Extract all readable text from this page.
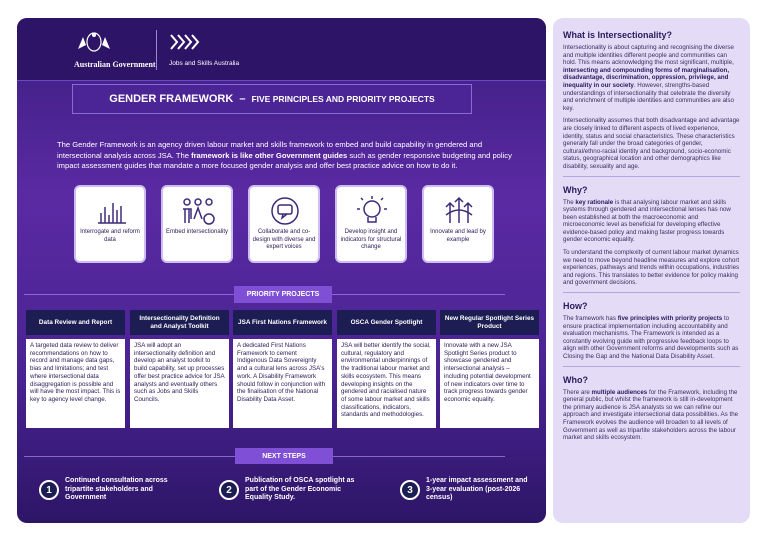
Australian Government Jobs and Skills Australia
GENDER FRAMEWORK – FIVE PRINCIPLES AND PRIORITY PROJECTS
The Gender Framework is an agency driven labour market and skills framework to embed and build capability in gendered and intersectional analysis across JSA. The framework is like other Government guides such as gender responsive budgeting and policy impact assessment guides that mandate a more focused gender analysis and offer best practice advice on how to do it.
Interrogate and reform data
Embed intersectionality	Collaborate and co-design with diverse and expert voices
Develop insight and indicators for structural change
Innovate and lead by example
PRIORITY PROJECTS
Data Review and Report
A targeted data review to deliver recommendations on how to record and manage data gaps, bias and limitations; and test where intersectional data disaggregation is possible and will have the most impact. This is key to agency level change.
Intersectionality Definition and Analyst Toolkit
JSA will adopt an intersectionality definition and develop an analyst toolkit to build capability, set up processes offer best practice advice for JSA analysts and eventually others such as Jobs and Skills Councils.
JSA First Nations Framework
A dedicated First Nations Framework to cement Indigenous Data Sovereignty and a cultural lens across JSA's work. A Disability Framework should follow in conjunction with the finalisation of the National Disability Data Asset.
OSCA Gender Spotlight
JSA will better identify the social, cultural, regulatory and environmental underpinnings of the traditional labour market and skills ecosystem. This means developing insights on the gendered and racialised nature of some labour market and skills classifications, indicators, standards and methodologies.
New Regular Spotlight Series Product
Innovate with a new JSA Spotlight Series product to showcase gendered and intersectional analysis – including potential development of new indicators over time to track progress towards gender economic equality.
NEXT STEPS
1
Continued consultation across tripartite stakeholders and Government
2
Publication of OSCA spotlight as part of the Gender Economic Equality Study.
3
1-year impact assessment and 3-year evaluation (post-2026 census)
What is Intersectionality?

Intersectionality is about capturing and recognising the diverse and multiple identities different people and communities can hold. This means acknowledging the most significant, multiple, intersecting and compounding forms of marginalisation, disadvantage, discrimination, oppression, privilege, and inequality in our society. However, strengths-based understandings of intersectionality that celebrate the diversity and enrichment of multiple identities and communities are also key.

Intersectionality assumes that both disadvantage and advantage are closely linked to different aspects of lived experience, identity, status and social characteristics. These characteristics generally fall under the broad categories of gender, cultural/ethno-racial identity and background, socio-economic status, geographical location and other demographics like disability, sexuality and age.

Why?

The key rationale is that analysing labour market and skills systems through gendered and intersectional lenses has now been established at both the macroeconomic and microeconomic level as beneficial for developing effective evidence-based policy and making faster progress towards gender economic equality.

To understand the complexity of current labour market dynamics we need to move beyond headline measures and explore cohort experiences, pathways and trends within occupations, industries and regions. This translates to better evidence for policy making and government decisions.

How?

The framework has five principles with priority projects to ensure practical implementation including accountability and evaluation mechanisms. The Framework is intended as a constantly evolving guide with progressive feedback loops to align with other Government reforms and developments such as Closing the Gap and the National Data Disability Asset.

Who?

There are multiple audiences for the Framework, including the general public, but whilst the framework is still in-development the primary audience is JSA analysts so we can refine our approach and investigate intersectional data possibilities. As the Framework evolves the audience will broaden to all levels of Government as well as tripartite stakeholders across the labour market and skills ecosystem.
